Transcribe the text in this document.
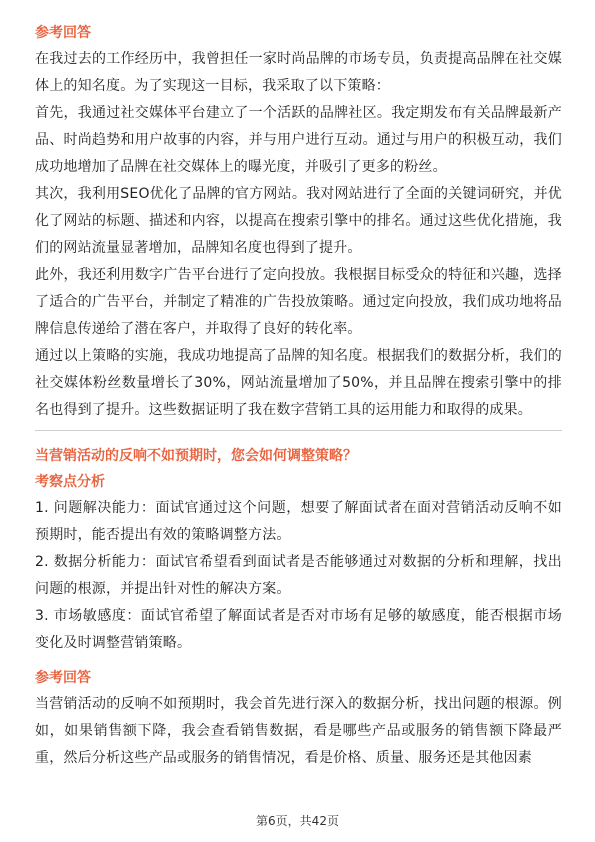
参考回答

在我过去的工作经历中，我曾担任一家时尚品牌的市场专员，负责提高品牌在社交媒体上的知名度。为了实现这一目标，我采取了以下策略：

首先，我通过社交媒体平台建立了一个活跃的品牌社区。我定期发布有关品牌最新产品、时尚趋势和用户故事的内容，并与用户进行互动。通过与用户的积极互动，我们成功地增加了品牌在社交媒体上的曝光度，并吸引了更多的粉丝。

其次，我利用SEO优化了品牌的官方网站。我对网站进行了全面的关键词研究，并优化了网站的标题、描述和内容，以提高在搜索引擎中的排名。通过这些优化措施，我们的网站流量显著增加，品牌知名度也得到了提升。

此外，我还利用数字广告平台进行了定向投放。我根据目标受众的特征和兴趣，选择了适合的广告平台，并制定了精准的广告投放策略。通过定向投放，我们成功地将品牌信息传递给了潜在客户，并取得了良好的转化率。

通过以上策略的实施，我成功地提高了品牌的知名度。根据我们的数据分析，我们的社交媒体粉丝数量增长了30%，网站流量增加了50%，并且品牌在搜索引擎中的排名也得到了提升。这些数据证明了我在数字营销工具的运用能力和取得的成果。

当营销活动的反响不如预期时，您会如何调整策略？
考察点分析

1. 问题解决能力：面试官通过这个问题，想要了解面试者在面对营销活动反响不如预期时，能否提出有效的策略调整方法。

2. 数据分析能力：面试官希望看到面试者是否能够通过对数据的分析和理解，找出问题的根源，并提出针对性的解决方案。

3. 市场敏感度：面试官希望了解面试者是否对市场有足够的敏感度，能否根据市场变化及时调整营销策略。

参考回答

当营销活动的反响不如预期时，我会首先进行深入的数据分析，找出问题的根源。例如，如果销售额下降，我会查看销售数据，看是哪些产品或服务的销售额下降最严重，然后分析这些产品或服务的销售情况，看是价格、质量、服务还是其他因素

第6页，共42页
